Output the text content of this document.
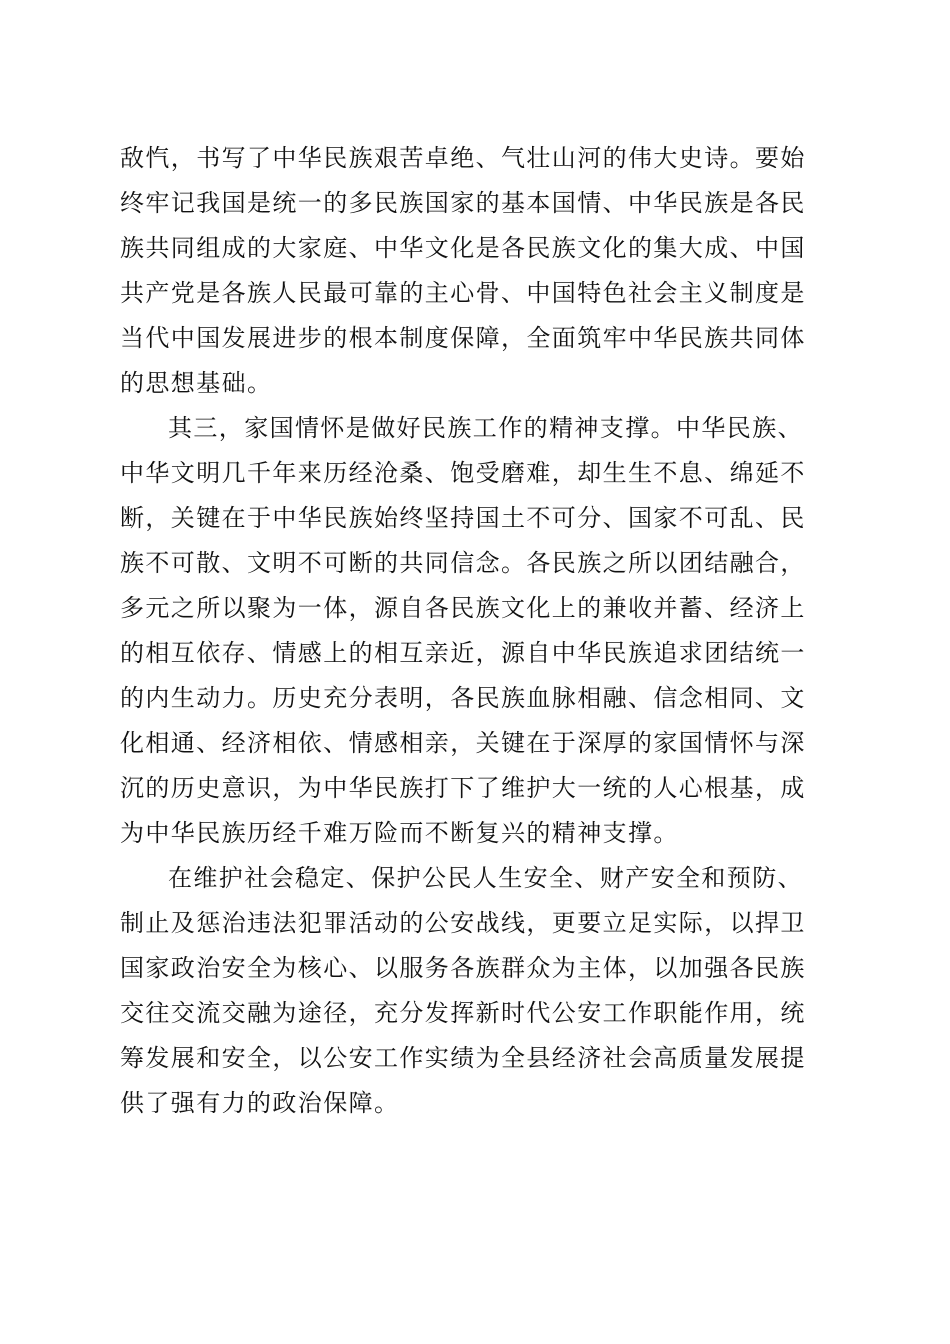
敌忾，书写了中华民族艰苦卓绝、气壮山河的伟大史诗。要始
终牢记我国是统一的多民族国家的基本国情、中华民族是各民
族共同组成的大家庭、中华文化是各民族文化的集大成、中国
共产党是各族人民最可靠的主心骨、中国特色社会主义制度是
当代中国发展进步的根本制度保障，全面筑牢中华民族共同体
的思想基础。
其三，家国情怀是做好民族工作的精神支撑。中华民族、
中华文明几千年来历经沧桑、饱受磨难，却生生不息、绵延不
断，关键在于中华民族始终坚持国土不可分、国家不可乱、民
族不可散、文明不可断的共同信念。各民族之所以团结融合，
多元之所以聚为一体，源自各民族文化上的兼收并蓄、经济上
的相互依存、情感上的相互亲近，源自中华民族追求团结统一
的内生动力。历史充分表明，各民族血脉相融、信念相同、文
化相通、经济相依、情感相亲，关键在于深厚的家国情怀与深
沉的历史意识，为中华民族打下了维护大一统的人心根基，成
为中华民族历经千难万险而不断复兴的精神支撑。
在维护社会稳定、保护公民人生安全、财产安全和预防、
制止及惩治违法犯罪活动的公安战线，更要立足实际，以捍卫
国家政治安全为核心、以服务各族群众为主体，以加强各民族
交往交流交融为途径，充分发挥新时代公安工作职能作用，统
筹发展和安全，以公安工作实绩为全县经济社会高质量发展提
供了强有力的政治保障。
